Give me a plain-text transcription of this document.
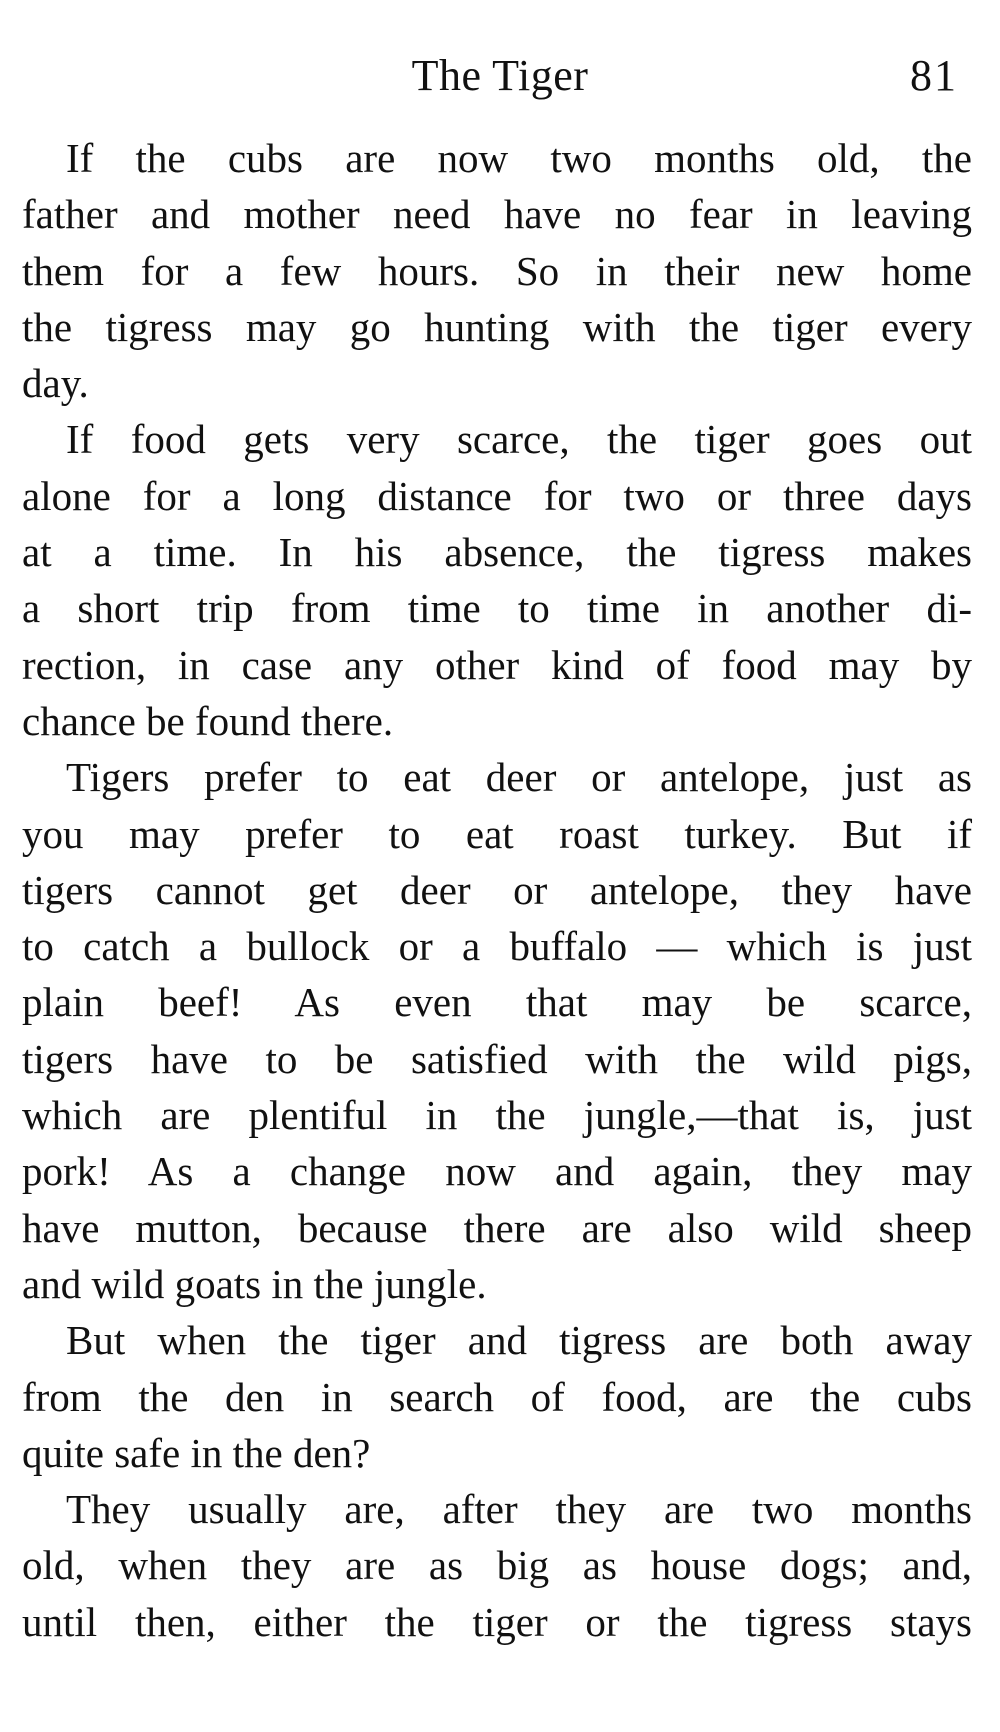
The Tiger	81
If the cubs are now two months old, the
father and mother need have no fear in leaving
them for a few hours. So in their new home
the tigress may go hunting with the tiger every
day.
If food gets very scarce, the tiger goes out
alone for a long distance for two or three days
at a time. In his absence, the tigress makes
a short trip from time to time in another di-
rection, in case any other kind of food may by
chance be found there.
Tigers prefer to eat deer or antelope, just as
you may prefer to eat roast turkey. But if
tigers cannot get deer or antelope, they have
to catch a bullock or a buffalo — which is just
plain beef! As even that may be scarce,
tigers have to be satisfied with the wild pigs,
which are plentiful in the jungle,—that is, just
pork! As a change now and again, they may
have mutton, because there are also wild sheep
and wild goats in the jungle.
But when the tiger and tigress are both away
from the den in search of food, are the cubs
quite safe in the den?
They usually are, after they are two months
old, when they are as big as house dogs; and,
until then, either the tiger or the tigress stays
